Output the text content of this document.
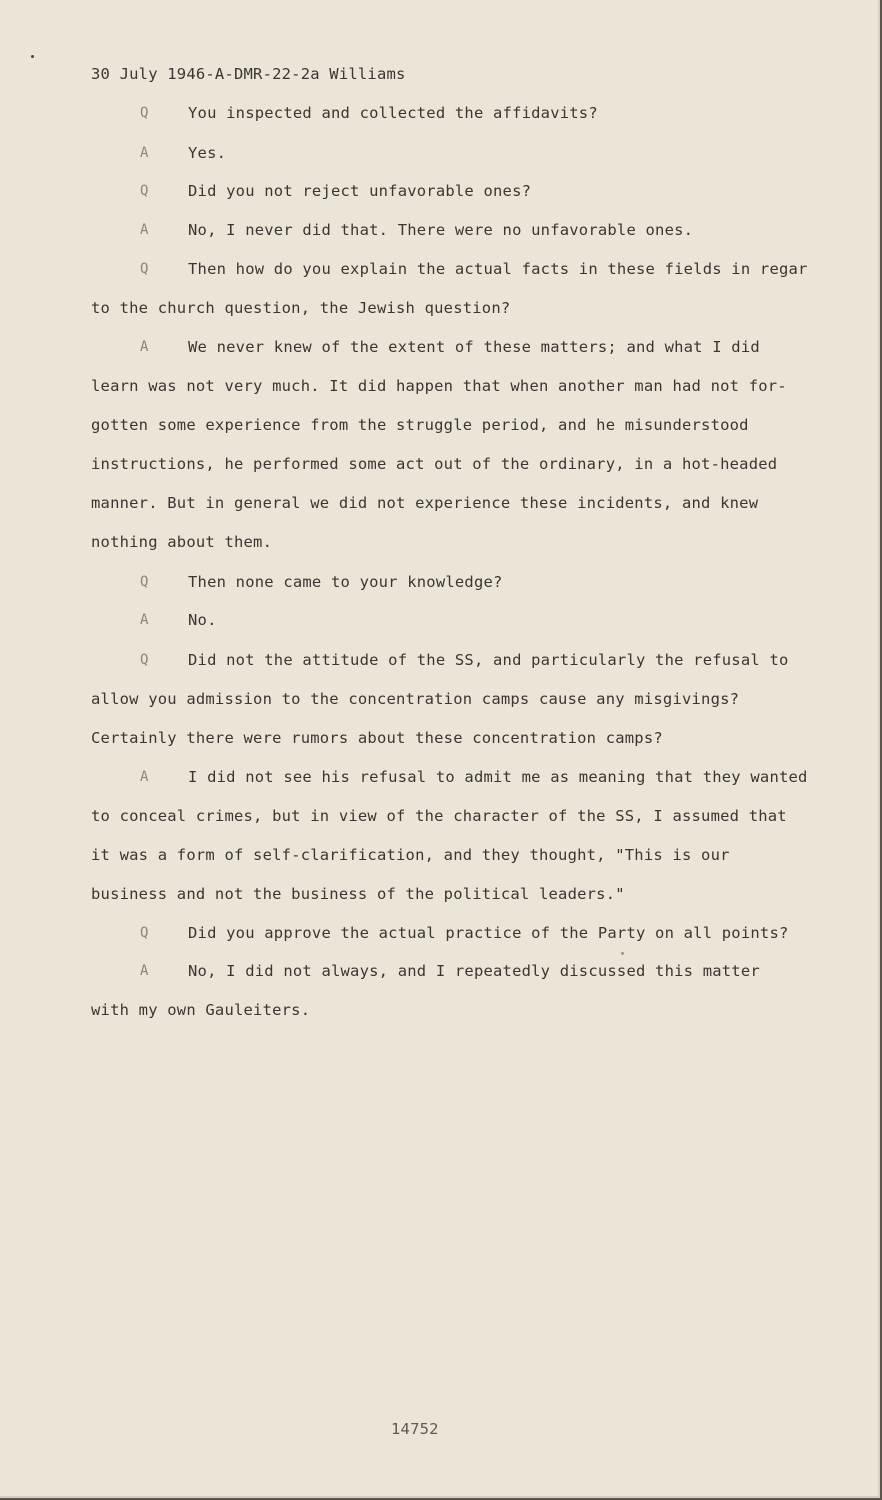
30 July 1946-A-DMR-22-2a Williams
Q	You inspected and collected the affidavits?
A	Yes.
Q	Did you not reject unfavorable ones?
A	No, I never did that. There were no unfavorable ones.
Q	Then how do you explain the actual facts in these fields in regar
to the church question, the Jewish question?
A	We never knew of the extent of these matters; and what I did
learn was not very much. It did happen that when another man had not for-
gotten some experience from the struggle period, and he misunderstood
instructions, he performed some act out of the ordinary, in a hot-headed
manner. But in general we did not experience these incidents, and knew
nothing about them.
Q	Then none came to your knowledge?
A	No.
Q	Did not the attitude of the SS, and particularly the refusal to
allow you admission to the concentration camps cause any misgivings?
Certainly there were rumors about these concentration camps?
A	I did not see his refusal to admit me as meaning that they wanted
to conceal crimes, but in view of the character of the SS, I assumed that
it was a form of self-clarification, and they thought, "This is our
business and not the business of the political leaders."
Q	Did you approve the actual practice of the Party on all points?
A	No, I did not always, and I repeatedly discussed this matter
with my own Gauleiters.
14752
